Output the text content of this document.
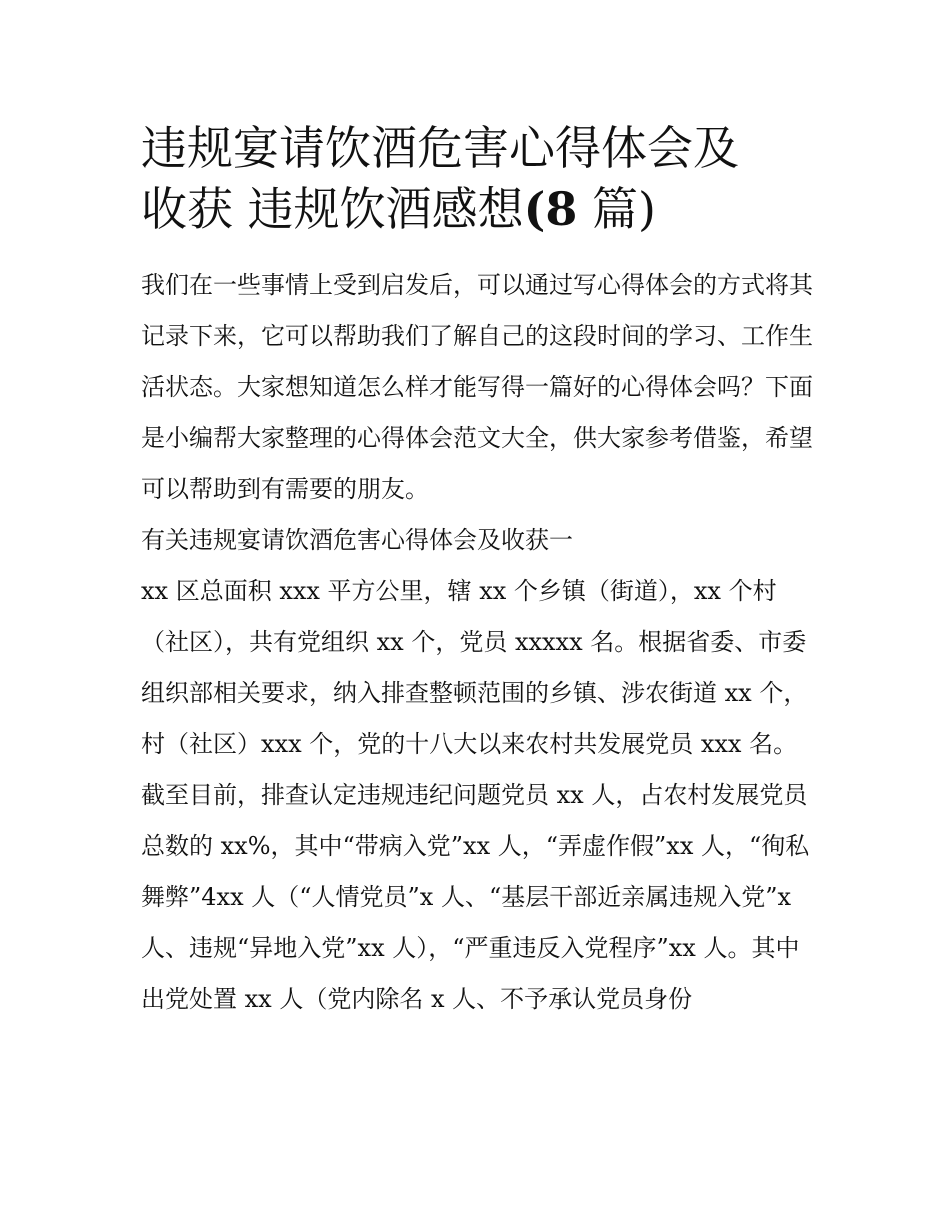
违规宴请饮酒危害心得体会及
收获 违规饮酒感想(8 篇)

我们在一些事情上受到启发后，可以通过写心得体会的方式将其记录下来，它可以帮助我们了解自己的这段时间的学习、工作生活状态。大家想知道怎么样才能写得一篇好的心得体会吗？下面是小编帮大家整理的心得体会范文大全，供大家参考借鉴，希望可以帮助到有需要的朋友。

有关违规宴请饮酒危害心得体会及收获一

xx 区总面积 xxx 平方公里，辖 xx 个乡镇（街道），xx 个村（社区），共有党组织 xx 个，党员 xxxxx 名。根据省委、市委组织部相关要求，纳入排查整顿范围的乡镇、涉农街道 xx 个，村（社区）xxx 个，党的十八大以来农村共发展党员 xxx 名。

截至目前，排查认定违规违纪问题党员 xx 人，占农村发展党员总数的 xx%，其中“带病入党”xx 人，“弄虚作假”xx 人，“徇私舞弊”4xx 人（“人情党员”x 人、“基层干部近亲属违规入党”x 人、违规“异地入党”xx 人），“严重违反入党程序”xx 人。其中出党处置 xx 人（党内除名 x 人、不予承认党员身份
